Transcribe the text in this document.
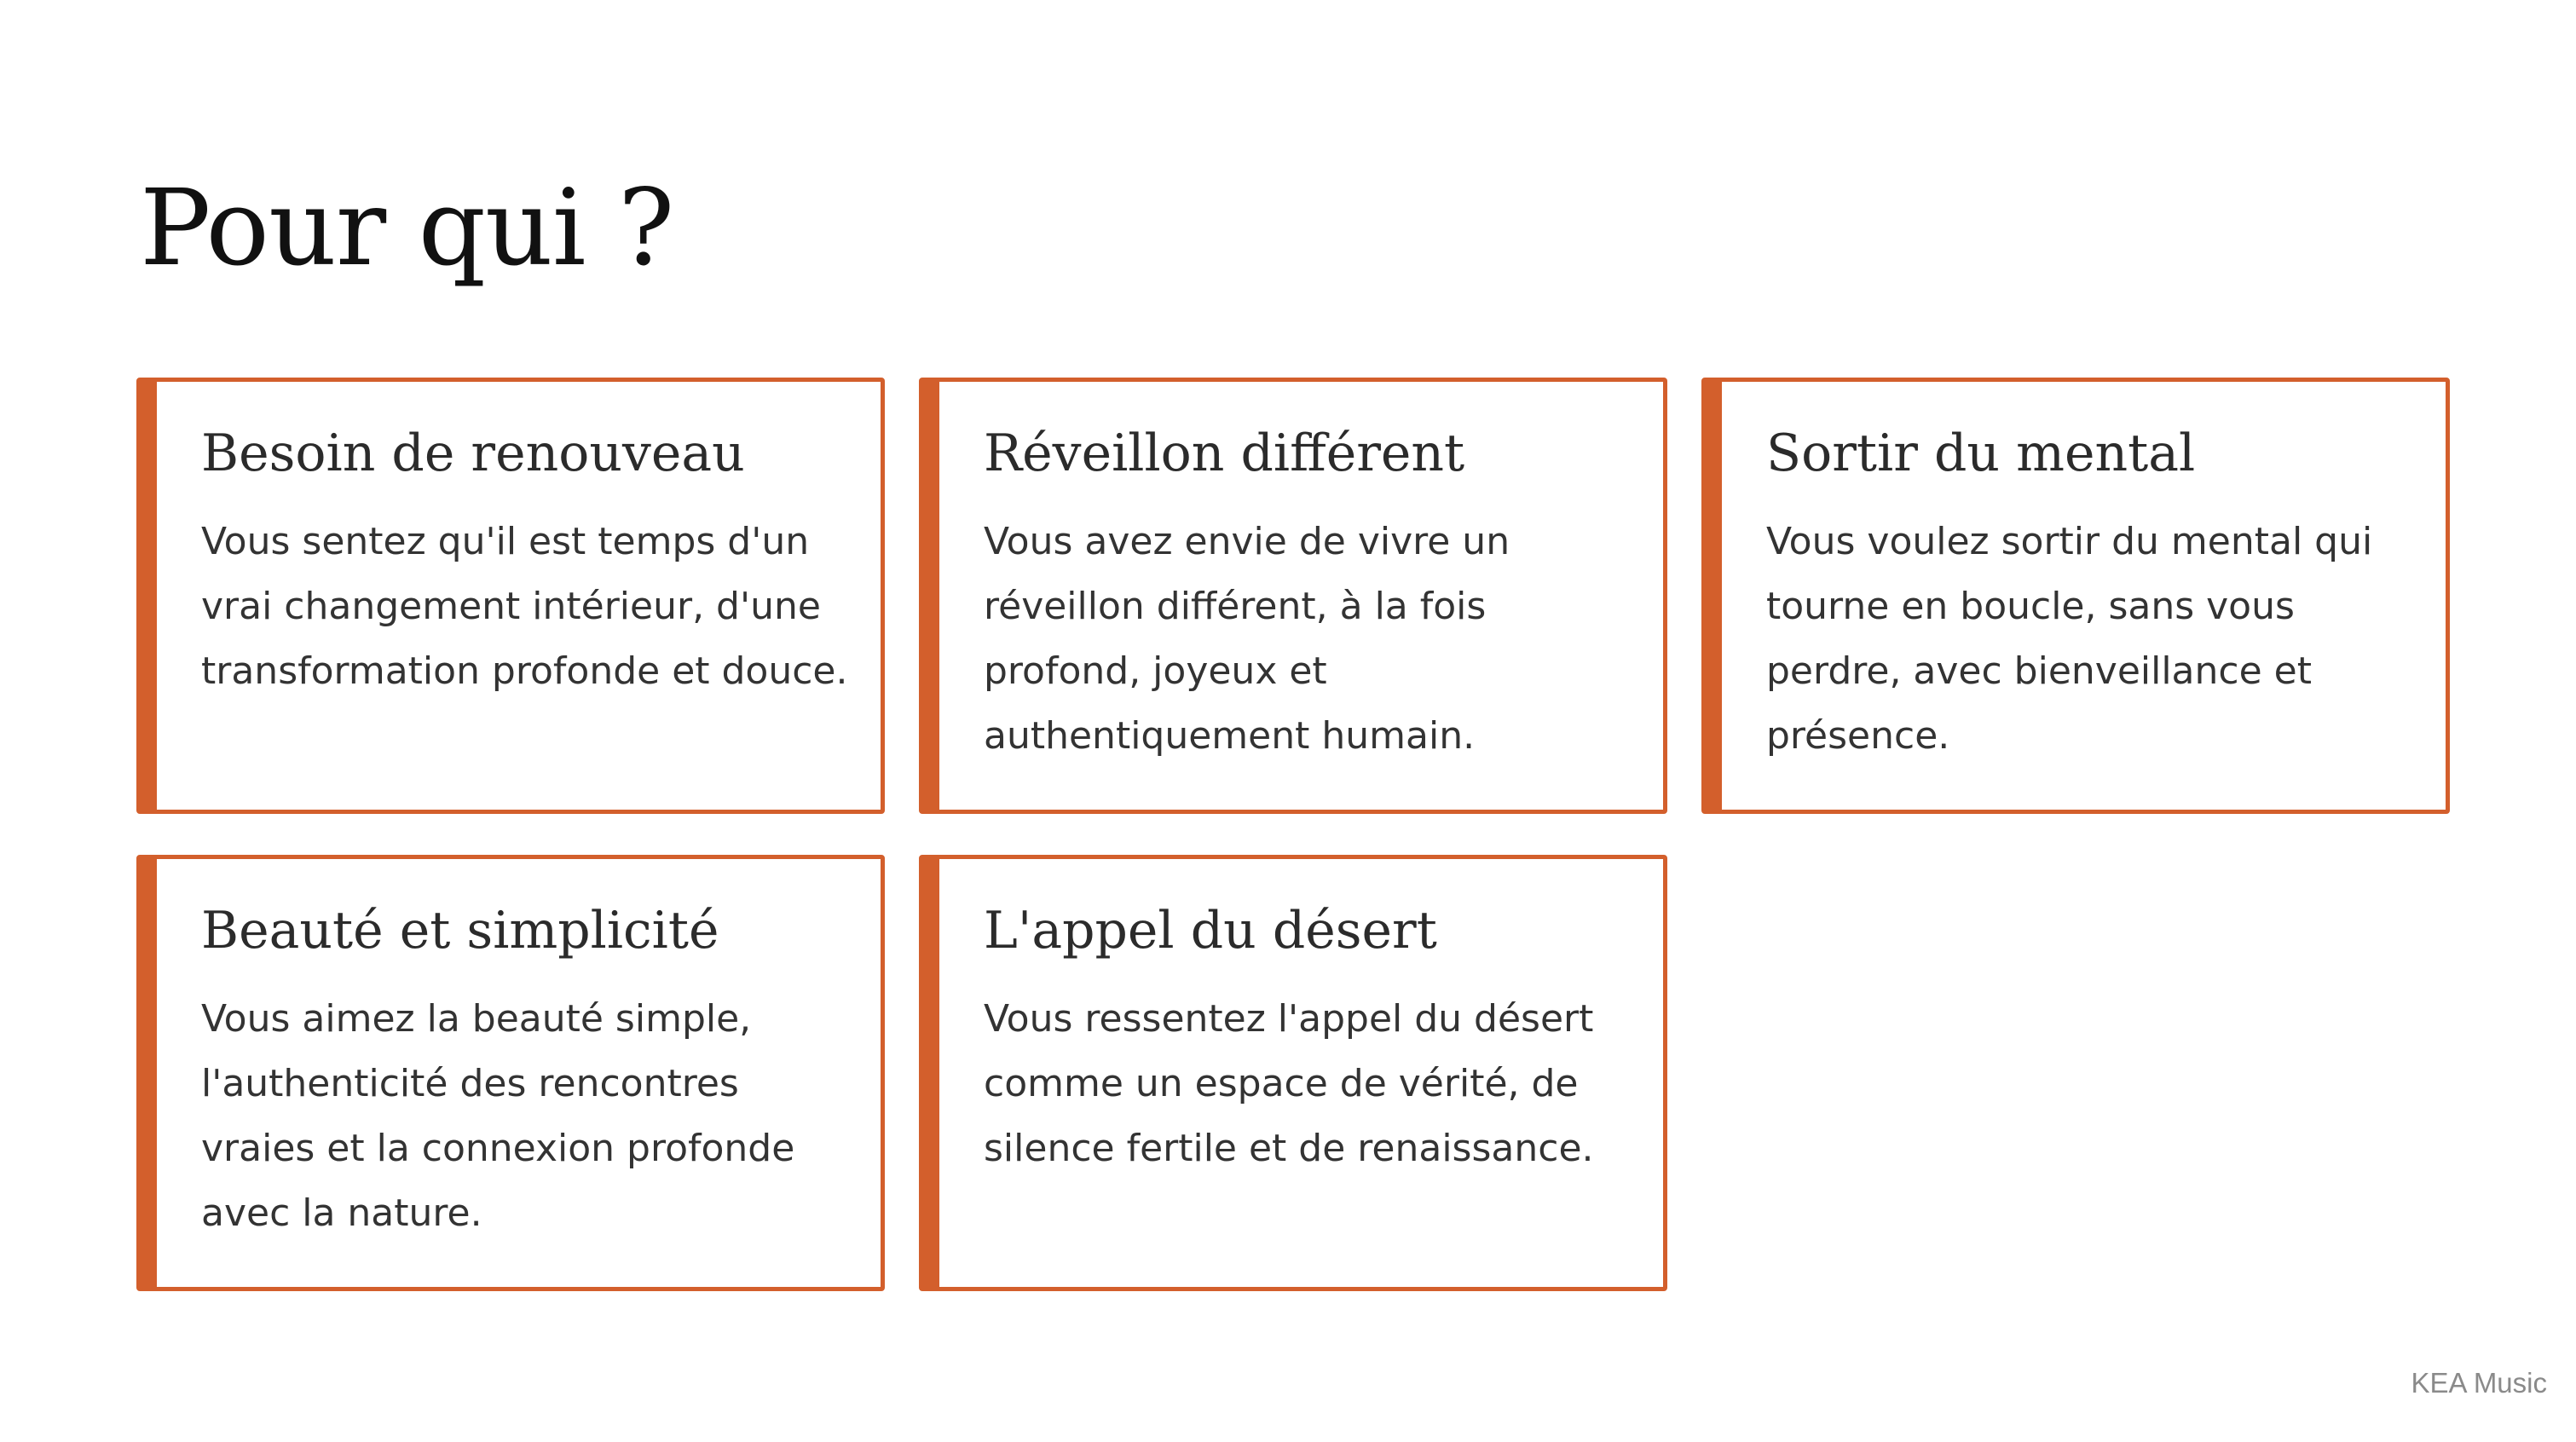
Pour qui ?
Besoin de renouveau

Vous sentez qu'il est temps d'un vrai changement intérieur, d'une transformation profonde et douce.

Réveillon différent

Vous avez envie de vivre un réveillon différent, à la fois profond, joyeux et authentiquement humain.

Sortir du mental

Vous voulez sortir du mental qui tourne en boucle, sans vous perdre, avec bienveillance et présence.

Beauté et simplicité

Vous aimez la beauté simple, l'authenticité des rencontres vraies et la connexion profonde avec la nature.

L'appel du désert

Vous ressentez l'appel du désert comme un espace de vérité, de silence fertile et de renaissance.

KEA Music
